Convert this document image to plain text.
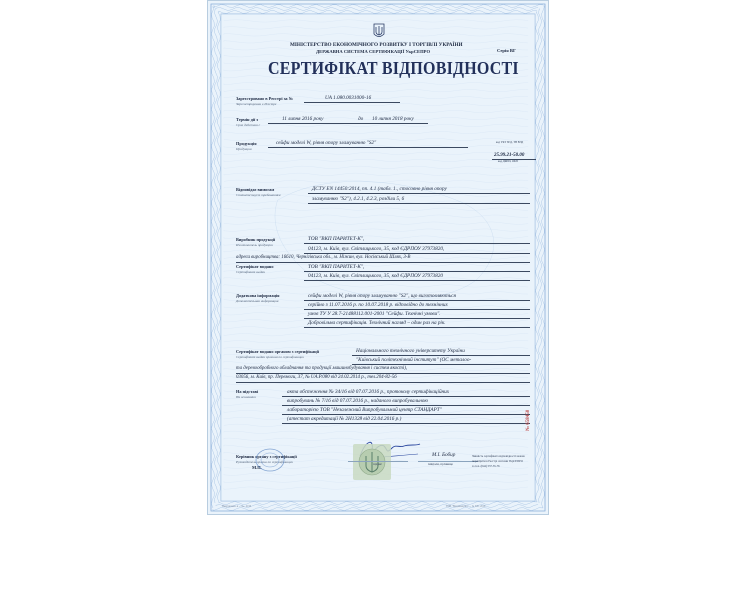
МІНІСТЕРСТВО ЕКОНОМІЧНОГО РОЗВИТКУ І ТОРГІВЛІ УКРАЇНИ
ДЕРЖАВНА СИСТЕМА СЕРТИФІКАЦІЇ УкрСЕПРО	Серія ВГ
СЕРТИФІКАТ ВІДПОВІДНОСТІ
Зареєстровано в Реєстрі за №
Зарегистрирован в Реестре
UA 1.080.0031000-16
Термін дії з
Срок действия с
11 липня 2016 року	до 10 липня 2018 року
Продукція
Продукция
сейфи моделі W, рівня опору зламуванню "S2"	код УКТ ЗЕД, ТН ВЭД
25.99.21-50.00
код ДКПП, ОКП
Відповідає вимогам
Соответствует требованиям
ДСТУ EN 14450:2014, пп. 4.1 (табл. 1., стосовно рівня опору
зламуванню "S2"), 4.2.1, 4.2.3, розділи 5, 6
Виробник продукції
Изготовитель продукции
ТОВ "ВКП ПАРИТЕТ-К",
04123, м. Київ, вул. Світлицького, 35, код ЄДРПОУ 37973820,
адреса виробництва: 16610, Чернігівська обл., м. Ніжин, вул. Носівський Шлях, 3-В
Сертифікат видано
Сертификат выдан
ТОВ "ВКП ПАРИТЕТ-К",
04123, м. Київ, вул. Світлицького, 35, код ЄДРПОУ 37973820
Додаткова інформація
Дополнительная информация
сейфи моделі W, рівня опору зламуванню "S2", що виготовляються
серійно з 11.07.2016 р. по 10.07.2018 р. відповідно до технічних
умов ТУ У 28.7-21488112.001-2001 "Сейфи. Технічні умови".
Добровільна сертифікація. Технічний нагляд – один раз на рік.
Сертифікат видано органом з сертифікації
Сертификат выдан органом по сертификации
Національного технічного університету України
"Київський політехнічний інститут" (ОС металоо-
та деревообробного обладнання та продукції машинобудування і систем якості),
03056, м. Київ, пр. Перемоги, 37, № UA.P.080 від 24.02.2014 р., тел.204-82-56
На підставі
На основании
акта обстеження № 34/16 від 07.07.2016 р., протоколу сертифікаційних
випробувань № 7/16 від 07.07.2016 р., наданого випробувальною
лабораторією ТОВ "Незалежний Випробувальний центр СТАНДАРТ"
(атестат акредитації № 2Н1328 від 22.04.2016 р.)
Керівник органу з сертифікації
Руководитель органа по сертификации
М.П.
підпис
М.І. Бобир
ініціали, прізвище
Чинність сертифіката відповідності можна
перевірити в Реєстрі системи УкрСЕПРО
за тел. (044) 537-35-76
№ 658450
Надруковано в ... №.. 2016	ТОВ "Видавництво" ... № 500, 2016
